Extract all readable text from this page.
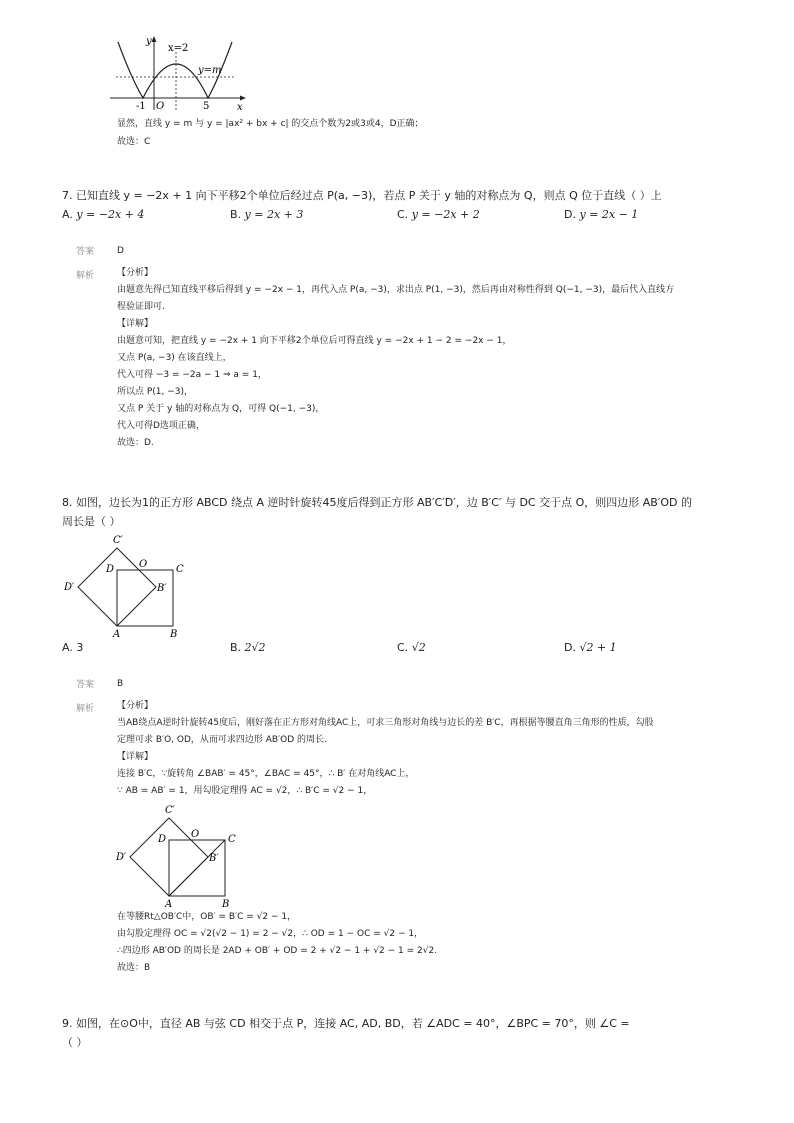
y
x
x=2
y=m
-1 O	5
显然，直线 y = m 与 y = |ax² + bx + c| 的交点个数为2或3或4，D正确；
故选：C
7. 已知直线 y = −2x + 1 向下平移2个单位后经过点 P(a, −3)，若点 P 关于 y 轴的对称点为 Q，则点 Q 位于直线（ ）上
A. y = −2x + 4	B. y = 2x + 3	C. y = −2x + 2	D. y = 2x − 1
答案	D
解析	【分析】
由题意先得已知直线平移后得到 y = −2x − 1，再代入点 P(a, −3)，求出点 P(1, −3)，然后再由对称性得到 Q(−1, −3)，最后代入直线方
程验证即可.
【详解】
由题意可知，把直线 y = −2x + 1 向下平移2个单位后可得直线 y = −2x + 1 − 2 = −2x − 1，
又点 P(a, −3) 在该直线上，
代入可得 −3 = −2a − 1 ⇒ a = 1，
所以点 P(1, −3)，
又点 P 关于 y 轴的对称点为 Q，可得 Q(−1, −3)，
代入可得D选项正确，
故选：D.
8. 如图，边长为1的正方形 ABCD 绕点 A 逆时针旋转45度后得到正方形 AB′C′D′，边 B′C′ 与 DC 交于点 O，则四边形 AB′OD 的
周长是（ ）
C′
D O	C
D′	B′
A	B
A. 3	B. 2√2	C. √2	D. √2 + 1
答案	B
解析	【分析】
当AB绕点A逆时针旋转45度后，刚好落在正方形对角线AC上，可求三角形对角线与边长的差 B′C，再根据等腰直角三角形的性质，勾股
定理可求 B′O, OD，从而可求四边形 AB′OD 的周长.
【详解】
连接 B′C，∵旋转角 ∠BAB′ = 45°，∠BAC = 45°，∴ B′ 在对角线AC上，
∵ AB = AB′ = 1，用勾股定理得 AC = √2，∴ B′C = √2 − 1，
C′
D O	C
D′	B′
A	B
在等腰Rt△OB′C中，OB′ = B′C = √2 − 1，
由勾股定理得 OC = √2(√2 − 1) = 2 − √2，∴ OD = 1 − OC = √2 − 1，
∴四边形 AB′OD 的周长是 2AD + OB′ + OD = 2 + √2 − 1 + √2 − 1 = 2√2.
故选：B
9. 如图，在⊙O中，直径 AB 与弦 CD 相交于点 P，连接 AC, AD, BD，若 ∠ADC = 40°，∠BPC = 70°，则 ∠C =
（ ）
